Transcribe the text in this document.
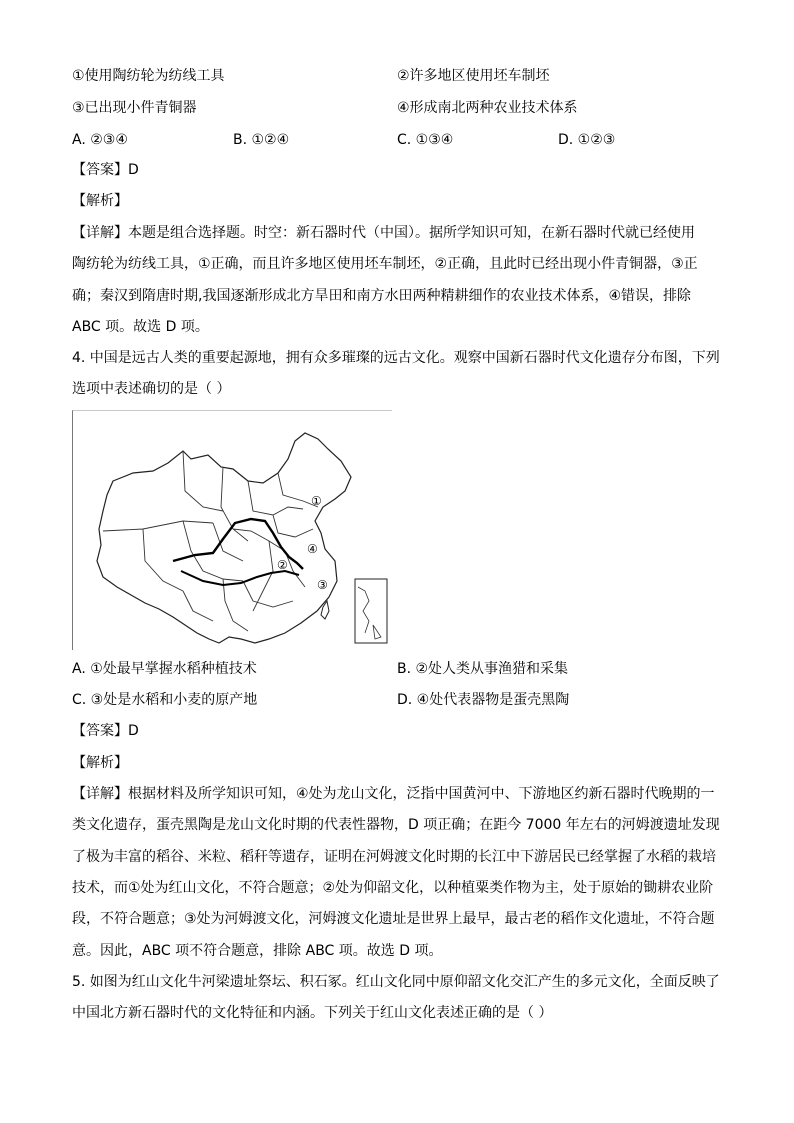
①使用陶纺轮为纺线工具	②许多地区使用坯车制坯
③已出现小件青铜器	④形成南北两种农业技术体系
A. ②③④	B. ①②④	C. ①③④	D. ①②③
【答案】D
【解析】
【详解】本题是组合选择题。时空：新石器时代（中国）。据所学知识可知，在新石器时代就已经使用
陶纺轮为纺线工具，①正确，而且许多地区使用坯车制坯，②正确，且此时已经出现小件青铜器，③正
确；秦汉到隋唐时期,我国逐渐形成北方旱田和南方水田两种精耕细作的农业技术体系，④错误，排除
ABC 项。故选 D 项。
4. 中国是远古人类的重要起源地，拥有众多璀璨的远古文化。观察中国新石器时代文化遗存分布图，下列
选项中表述确切的是（ ）
①
④
②
③
A. ①处最早掌握水稻种植技术	B. ②处人类从事渔猎和采集
C. ③处是水稻和小麦的原产地	D. ④处代表器物是蛋壳黑陶
【答案】D
【解析】
【详解】根据材料及所学知识可知，④处为龙山文化，泛指中国黄河中、下游地区约新石器时代晚期的一
类文化遗存，蛋壳黑陶是龙山文化时期的代表性器物，D 项正确；在距今 7000 年左右的河姆渡遗址发现
了极为丰富的稻谷、米粒、稻秆等遗存，证明在河姆渡文化时期的长江中下游居民已经掌握了水稻的栽培
技术，而①处为红山文化，不符合题意；②处为仰韶文化，以种植粟类作物为主，处于原始的锄耕农业阶
段，不符合题意；③处为河姆渡文化，河姆渡文化遗址是世界上最早，最古老的稻作文化遗址，不符合题
意。因此，ABC 项不符合题意，排除 ABC 项。故选 D 项。
5. 如图为红山文化牛河梁遗址祭坛、积石冢。红山文化同中原仰韶文化交汇产生的多元文化，全面反映了
中国北方新石器时代的文化特征和内涵。下列关于红山文化表述正确的是（ ）
